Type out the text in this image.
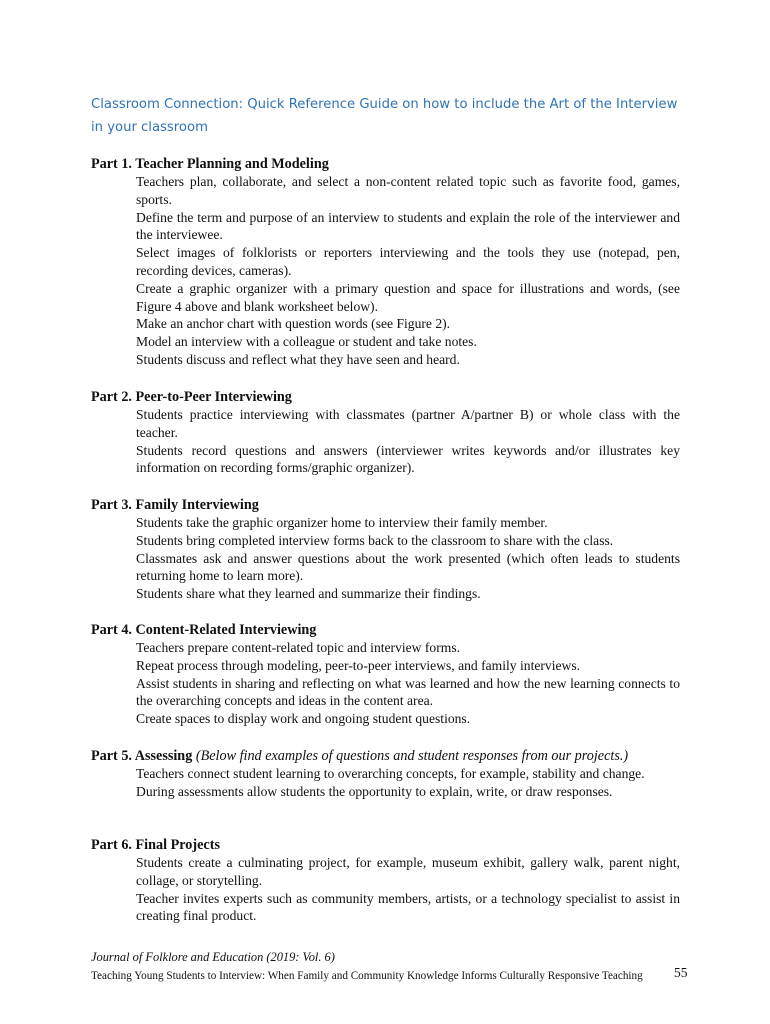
Classroom Connection: Quick Reference Guide on how to include the Art of the Interview in your classroom
Part 1. Teacher Planning and Modeling
Teachers plan, collaborate, and select a non-content related topic such as favorite food, games, sports.
Define the term and purpose of an interview to students and explain the role of the interviewer and the interviewee.
Select images of folklorists or reporters interviewing and the tools they use (notepad, pen, recording devices, cameras).
Create a graphic organizer with a primary question and space for illustrations and words, (see Figure 4 above and blank worksheet below).
Make an anchor chart with question words (see Figure 2).
Model an interview with a colleague or student and take notes.
Students discuss and reflect what they have seen and heard.
Part 2. Peer-to-Peer Interviewing
Students practice interviewing with classmates (partner A/partner B) or whole class with the teacher.
Students record questions and answers (interviewer writes keywords and/or illustrates key information on recording forms/graphic organizer).
Part 3. Family Interviewing
Students take the graphic organizer home to interview their family member.
Students bring completed interview forms back to the classroom to share with the class.
Classmates ask and answer questions about the work presented (which often leads to students returning home to learn more).
Students share what they learned and summarize their findings.
Part 4. Content-Related Interviewing
Teachers prepare content-related topic and interview forms.
Repeat process through modeling, peer-to-peer interviews, and family interviews.
Assist students in sharing and reflecting on what was learned and how the new learning connects to the overarching concepts and ideas in the content area.
Create spaces to display work and ongoing student questions.
Part 5. Assessing (Below find examples of questions and student responses from our projects.)
Teachers connect student learning to overarching concepts, for example, stability and change.
During assessments allow students the opportunity to explain, write, or draw responses.
Part 6. Final Projects
Students create a culminating project, for example, museum exhibit, gallery walk, parent night, collage, or storytelling.
Teacher invites experts such as community members, artists, or a technology specialist to assist in creating final product.
Journal of Folklore and Education (2019: Vol. 6)
Teaching Young Students to Interview: When Family and Community Knowledge Informs Culturally Responsive Teaching	55
